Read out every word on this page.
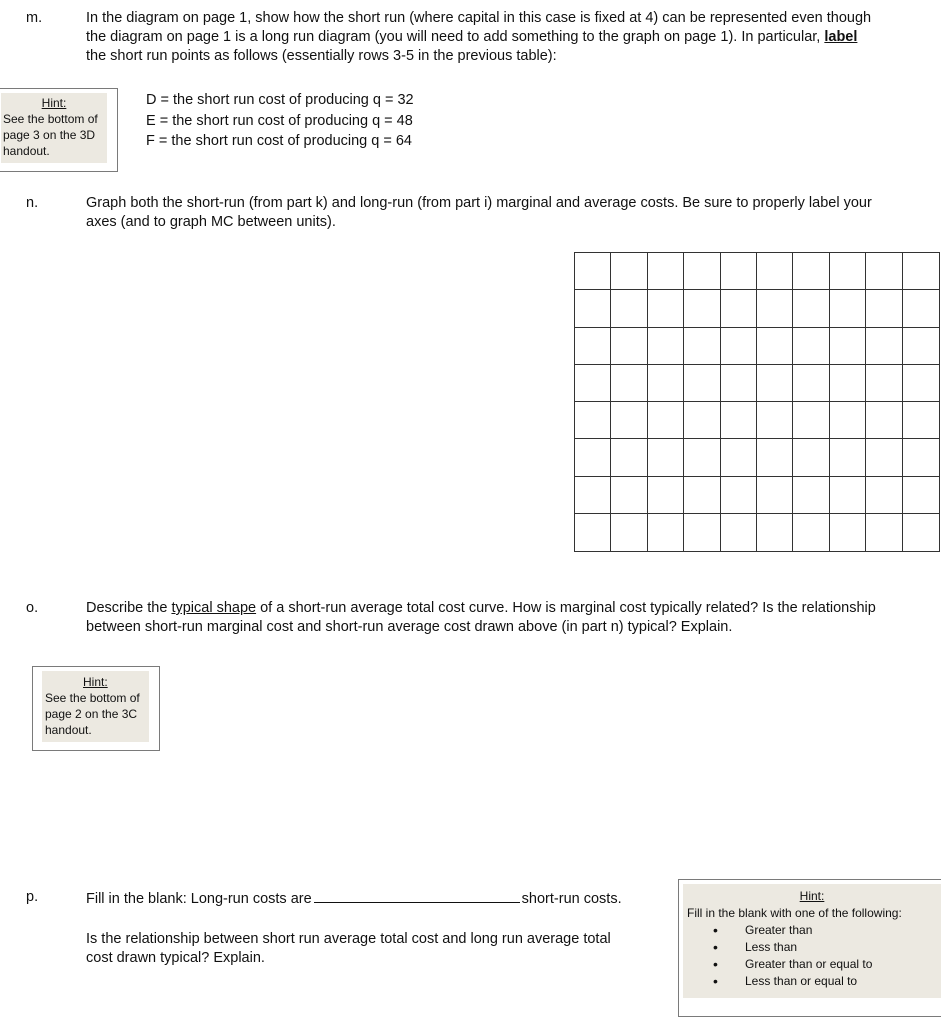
m.	In the diagram on page 1, show how the short run (where capital in this case is fixed at 4) can be represented even though
the diagram on page 1 is a long run diagram (you will need to add something to the graph on page 1). In particular, label
the short run points as follows (essentially rows 3-5 in the previous table):
Hint:
See the bottom of
page 3 on the 3D
handout.
D = the short run cost of producing q = 32
E = the short run cost of producing q = 48
F = the short run cost of producing q = 64
n.	Graph both the short-run (from part k) and long-run (from part i) marginal and average costs. Be sure to properly label your
axes (and to graph MC between units).
o.	Describe the typical shape of a short-run average total cost curve. How is marginal cost typically related? Is the relationship
between short-run marginal cost and short-run average cost drawn above (in part n) typical? Explain.
Hint:
See the bottom of
page 2 on the 3C
handout.
p.	Fill in the blank: Long-run costs are	short-run costs.
Is the relationship between short run average total cost and long run average total
cost drawn typical? Explain.
Hint:
Fill in the blank with one of the following:
• Greater than
• Less than
• Greater than or equal to
• Less than or equal to
